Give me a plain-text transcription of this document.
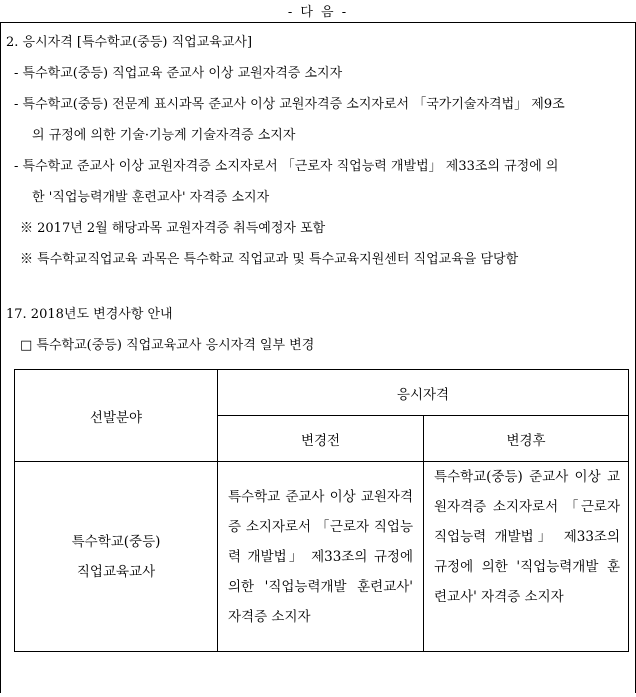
- 다 음 -
2. 응시자격 [특수학교(중등) 직업교육교사]
- 특수학교(중등) 직업교육 준교사 이상 교원자격증 소지자
- 특수학교(중등) 전문계 표시과목 준교사 이상 교원자격증 소지자로서 「국가기술자격법」 제9조
의 규정에 의한 기술·기능계 기술자격증 소지자
- 특수학교 준교사 이상 교원자격증 소지자로서 「근로자 직업능력 개발법」 제33조의 규정에 의
한 '직업능력개발 훈련교사' 자격증 소지자
※ 2017년 2월 해당과목 교원자격증 취득예정자 포함
※ 특수학교직업교육 과목은 특수학교 직업교과 및 특수교육지원센터 직업교육을 담당함
17. 2018년도 변경사항 안내
□ 특수학교(중등) 직업교육교사 응시자격 일부 변경
선발분야	응시자격	
	변경전	변경후

특수학교(중등)
직업교육교사	특수학교 준교사 이상 교원자격증 소지자로서 「근로자 직업능력 개발법」 제33조의 규정에 의한 '직업능력개발 훈련교사' 자격증 소지자	특수학교(중등) 준교사 이상 교원자격증 소지자로서 「근로자 직업능력 개발법」 제33조의 규정에 의한 '직업능력개발 훈련교사' 자격증 소지자
